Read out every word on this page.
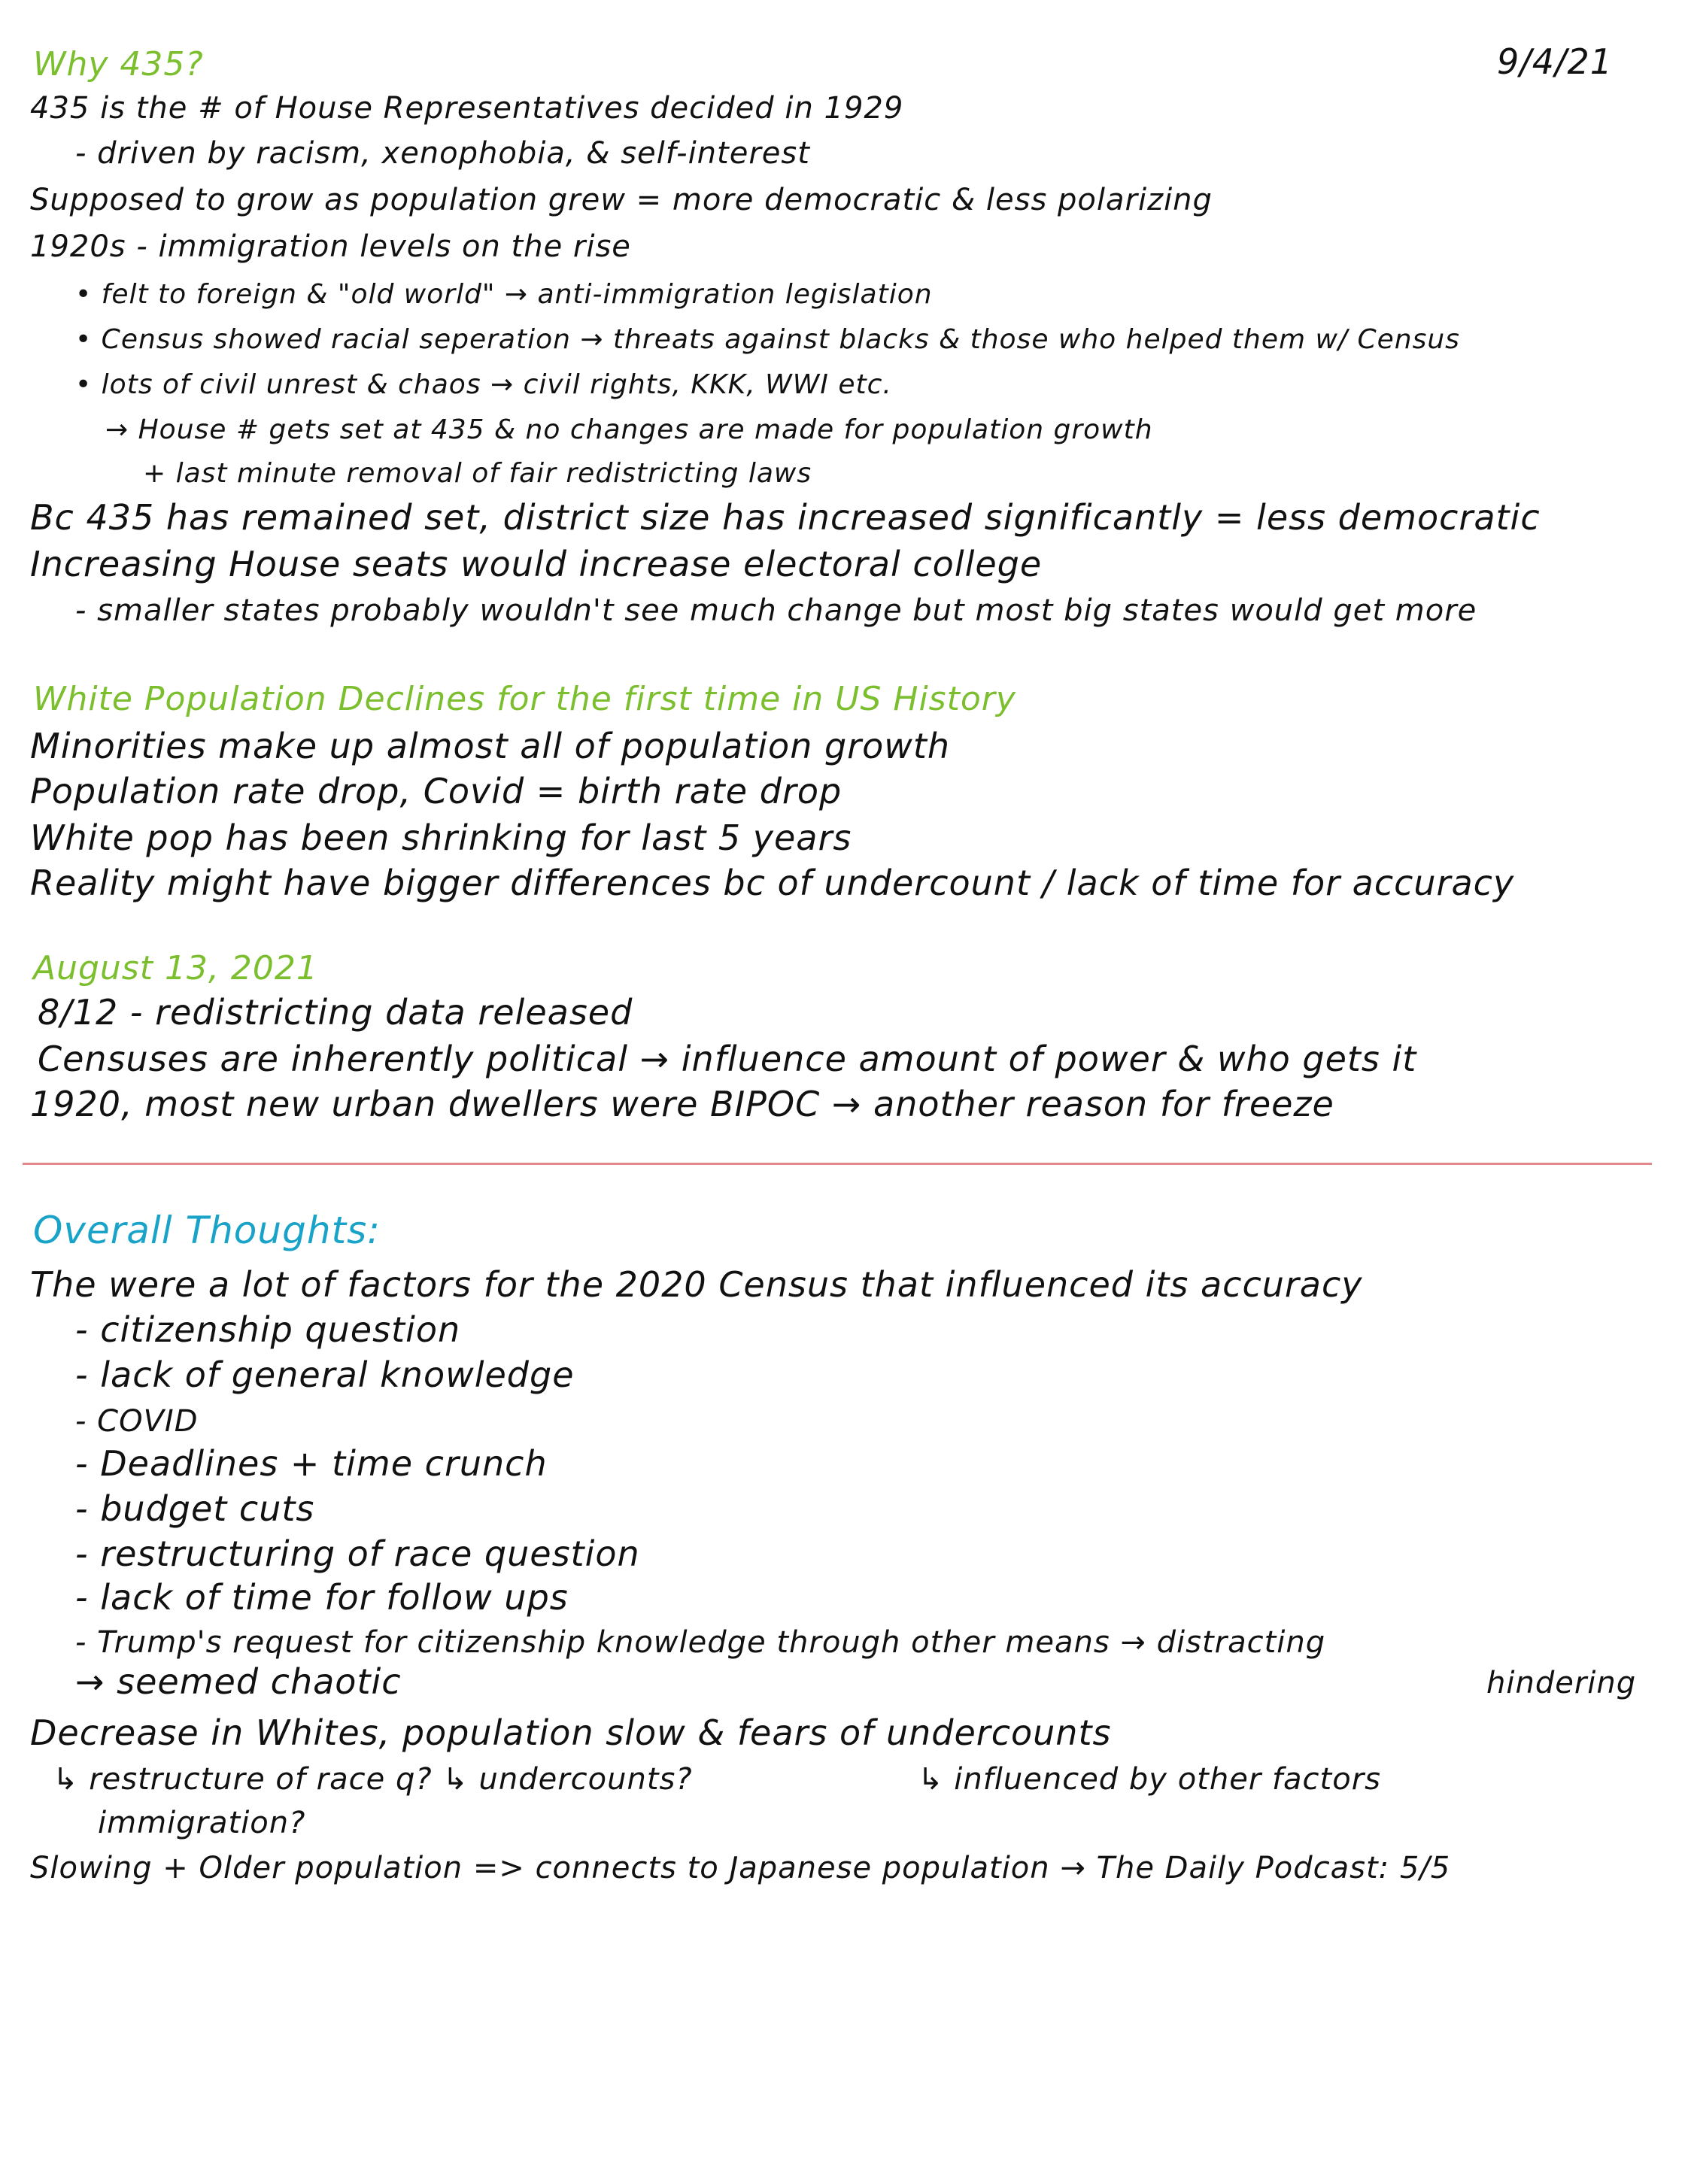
9/4/21
Why 435?
435 is the # of House Representatives decided in 1929
- driven by racism, xenophobia, & self-interest
Supposed to grow as population grew = more democratic & less polarizing
1920s - immigration levels on the rise
• felt to foreign & "old world" → anti-immigration legislation
• Census showed racial seperation → threats against blacks & those who helped them w/ Census
• lots of civil unrest & chaos → civil rights, KKK, WWI etc.
→ House # gets set at 435 & no changes are made for population growth
+ last minute removal of fair redistricting laws
Bc 435 has remained set, district size has increased significantly = less democratic
Increasing House seats would increase electoral college
- smaller states probably wouldn't see much change but most big states would get more
White Population Declines for the first time in US History
Minorities make up almost all of population growth
Population rate drop, Covid = birth rate drop
White pop has been shrinking for last 5 years
Reality might have bigger differences bc of undercount / lack of time for accuracy
August 13, 2021
8/12 - redistricting data released
Censuses are inherently political → influence amount of power & who gets it
1920, most new urban dwellers were BIPOC → another reason for freeze
Overall Thoughts:
The were a lot of factors for the 2020 Census that influenced its accuracy
- citizenship question
- lack of general knowledge
- COVID
- Deadlines + time crunch
- budget cuts
- restructuring of race question
- lack of time for follow ups
- Trump's request for citizenship knowledge through other means → distracting
hindering
→ seemed chaotic
Decrease in Whites, population slow & fears of undercounts
↳ restructure of race q? ↳ undercounts?	↳ influenced by other factors
immigration?
Slowing + Older population => connects to Japanese population → The Daily Podcast: 5/5
